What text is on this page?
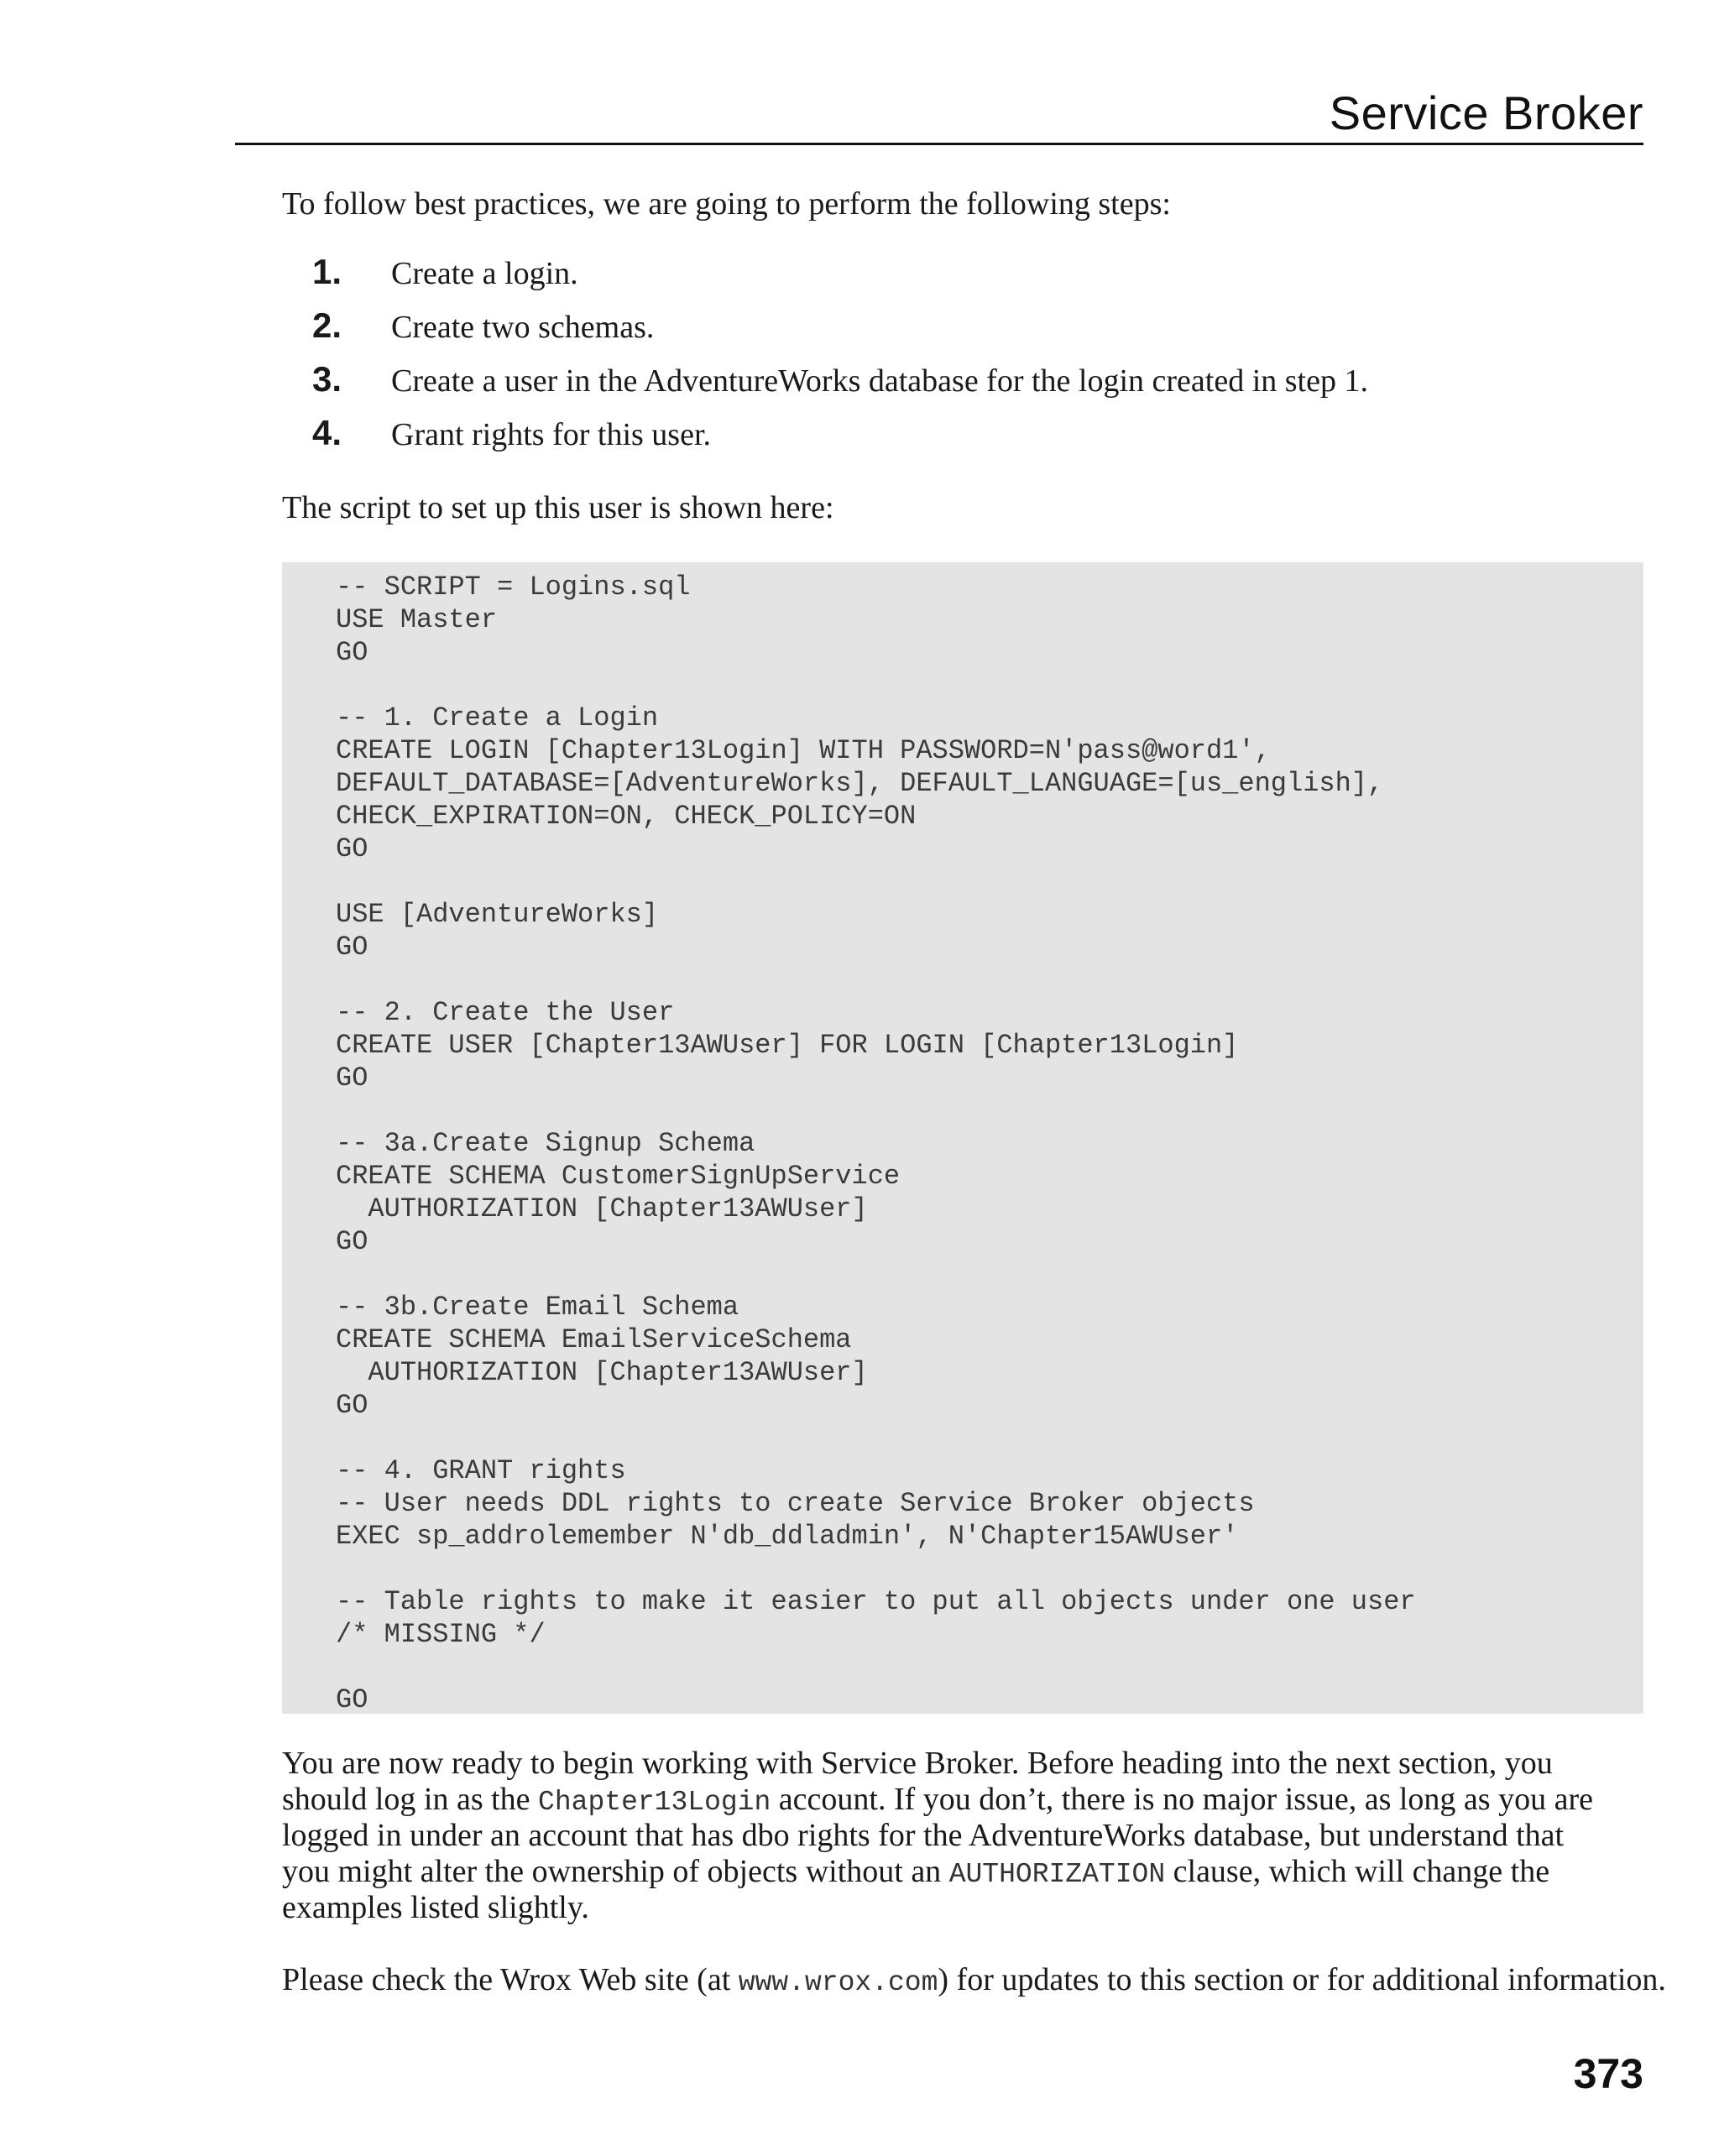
Service Broker
To follow best practices, we are going to perform the following steps:
1.	Create a login.
2.	Create two schemas.
3.	Create a user in the AdventureWorks database for the login created in step 1.
4.	Grant rights for this user.
The script to set up this user is shown here:
-- SCRIPT = Logins.sql
USE Master
GO
-- 1. Create a Login
CREATE LOGIN [Chapter13Login] WITH PASSWORD=N'pass@word1',
DEFAULT_DATABASE=[AdventureWorks], DEFAULT_LANGUAGE=[us_english],
CHECK_EXPIRATION=ON, CHECK_POLICY=ON
GO
USE [AdventureWorks]
GO
-- 2. Create the User
CREATE USER [Chapter13AWUser] FOR LOGIN [Chapter13Login]
GO
-- 3a.Create Signup Schema
CREATE SCHEMA CustomerSignUpService
AUTHORIZATION [Chapter13AWUser]
GO
-- 3b.Create Email Schema
CREATE SCHEMA EmailServiceSchema
AUTHORIZATION [Chapter13AWUser]
GO
-- 4. GRANT rights
-- User needs DDL rights to create Service Broker objects
EXEC sp_addrolemember N'db_ddladmin', N'Chapter15AWUser'
-- Table rights to make it easier to put all objects under one user
/* MISSING */
GO
You are now ready to begin working with Service Broker. Before heading into the next section, you
should log in as the Chapter13Login account. If you don’t, there is no major issue, as long as you are
logged in under an account that has dbo rights for the AdventureWorks database, but understand that
you might alter the ownership of objects without an AUTHORIZATION clause, which will change the
examples listed slightly.
Please check the Wrox Web site (at www.wrox.com) for updates to this section or for additional information.
373
